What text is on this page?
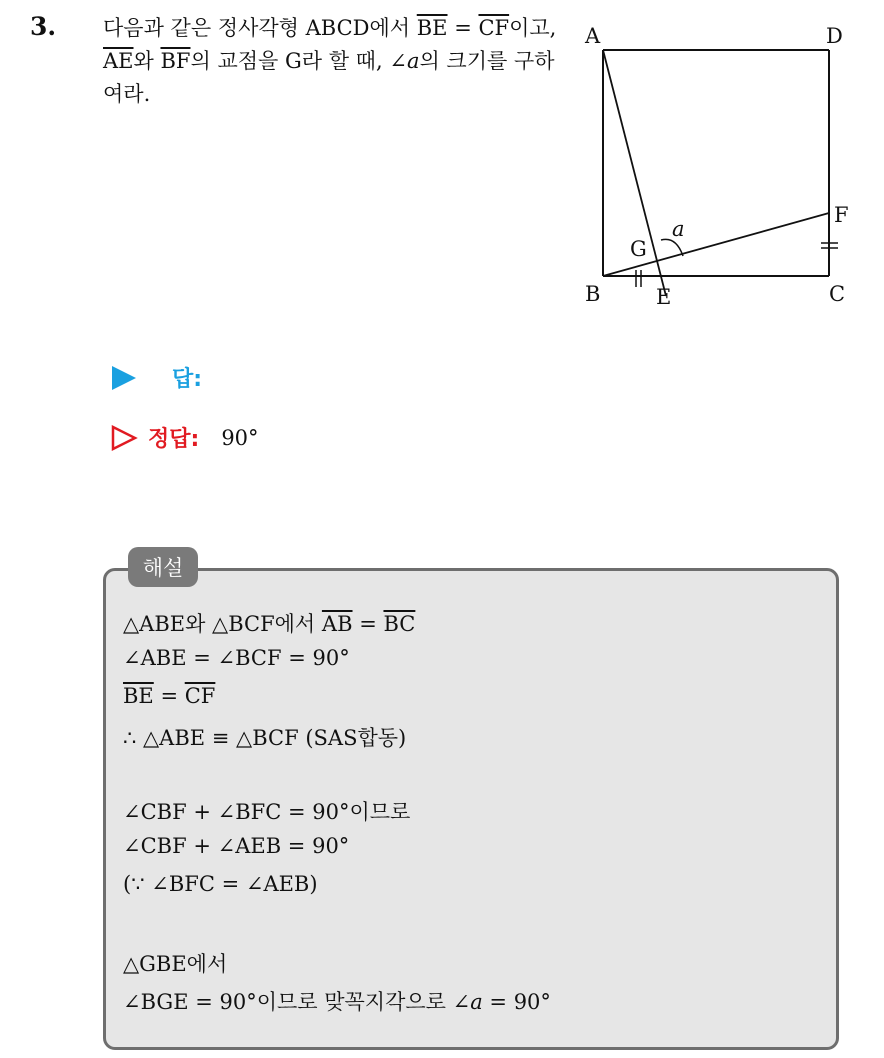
3. 다음과 같은 정사각형 ABCD에서 $\overline{BE} = \overline{CF}$이고, $\overline{AE}$와 $\overline{BF}$의 교점을 G라 할 때, ∠a의 크기를 구하여라.
A	D
B	E	C
F
G
a
답:
정답: 90°
해설
△ABE와 △BCF에서 $\overline{AB} = \overline{BC}$
∠ABE = ∠BCF = 90°
$\overline{BE} = \overline{CF}$
∴ △ABE ≡ △BCF (SAS합동)
∠CBF + ∠BFC = 90°이므로
∠CBF + ∠AEB = 90°
(∵ ∠BFC = ∠AEB)
△GBE에서
∠BGE = 90°이므로 맞꼭지각으로 ∠a = 90°
